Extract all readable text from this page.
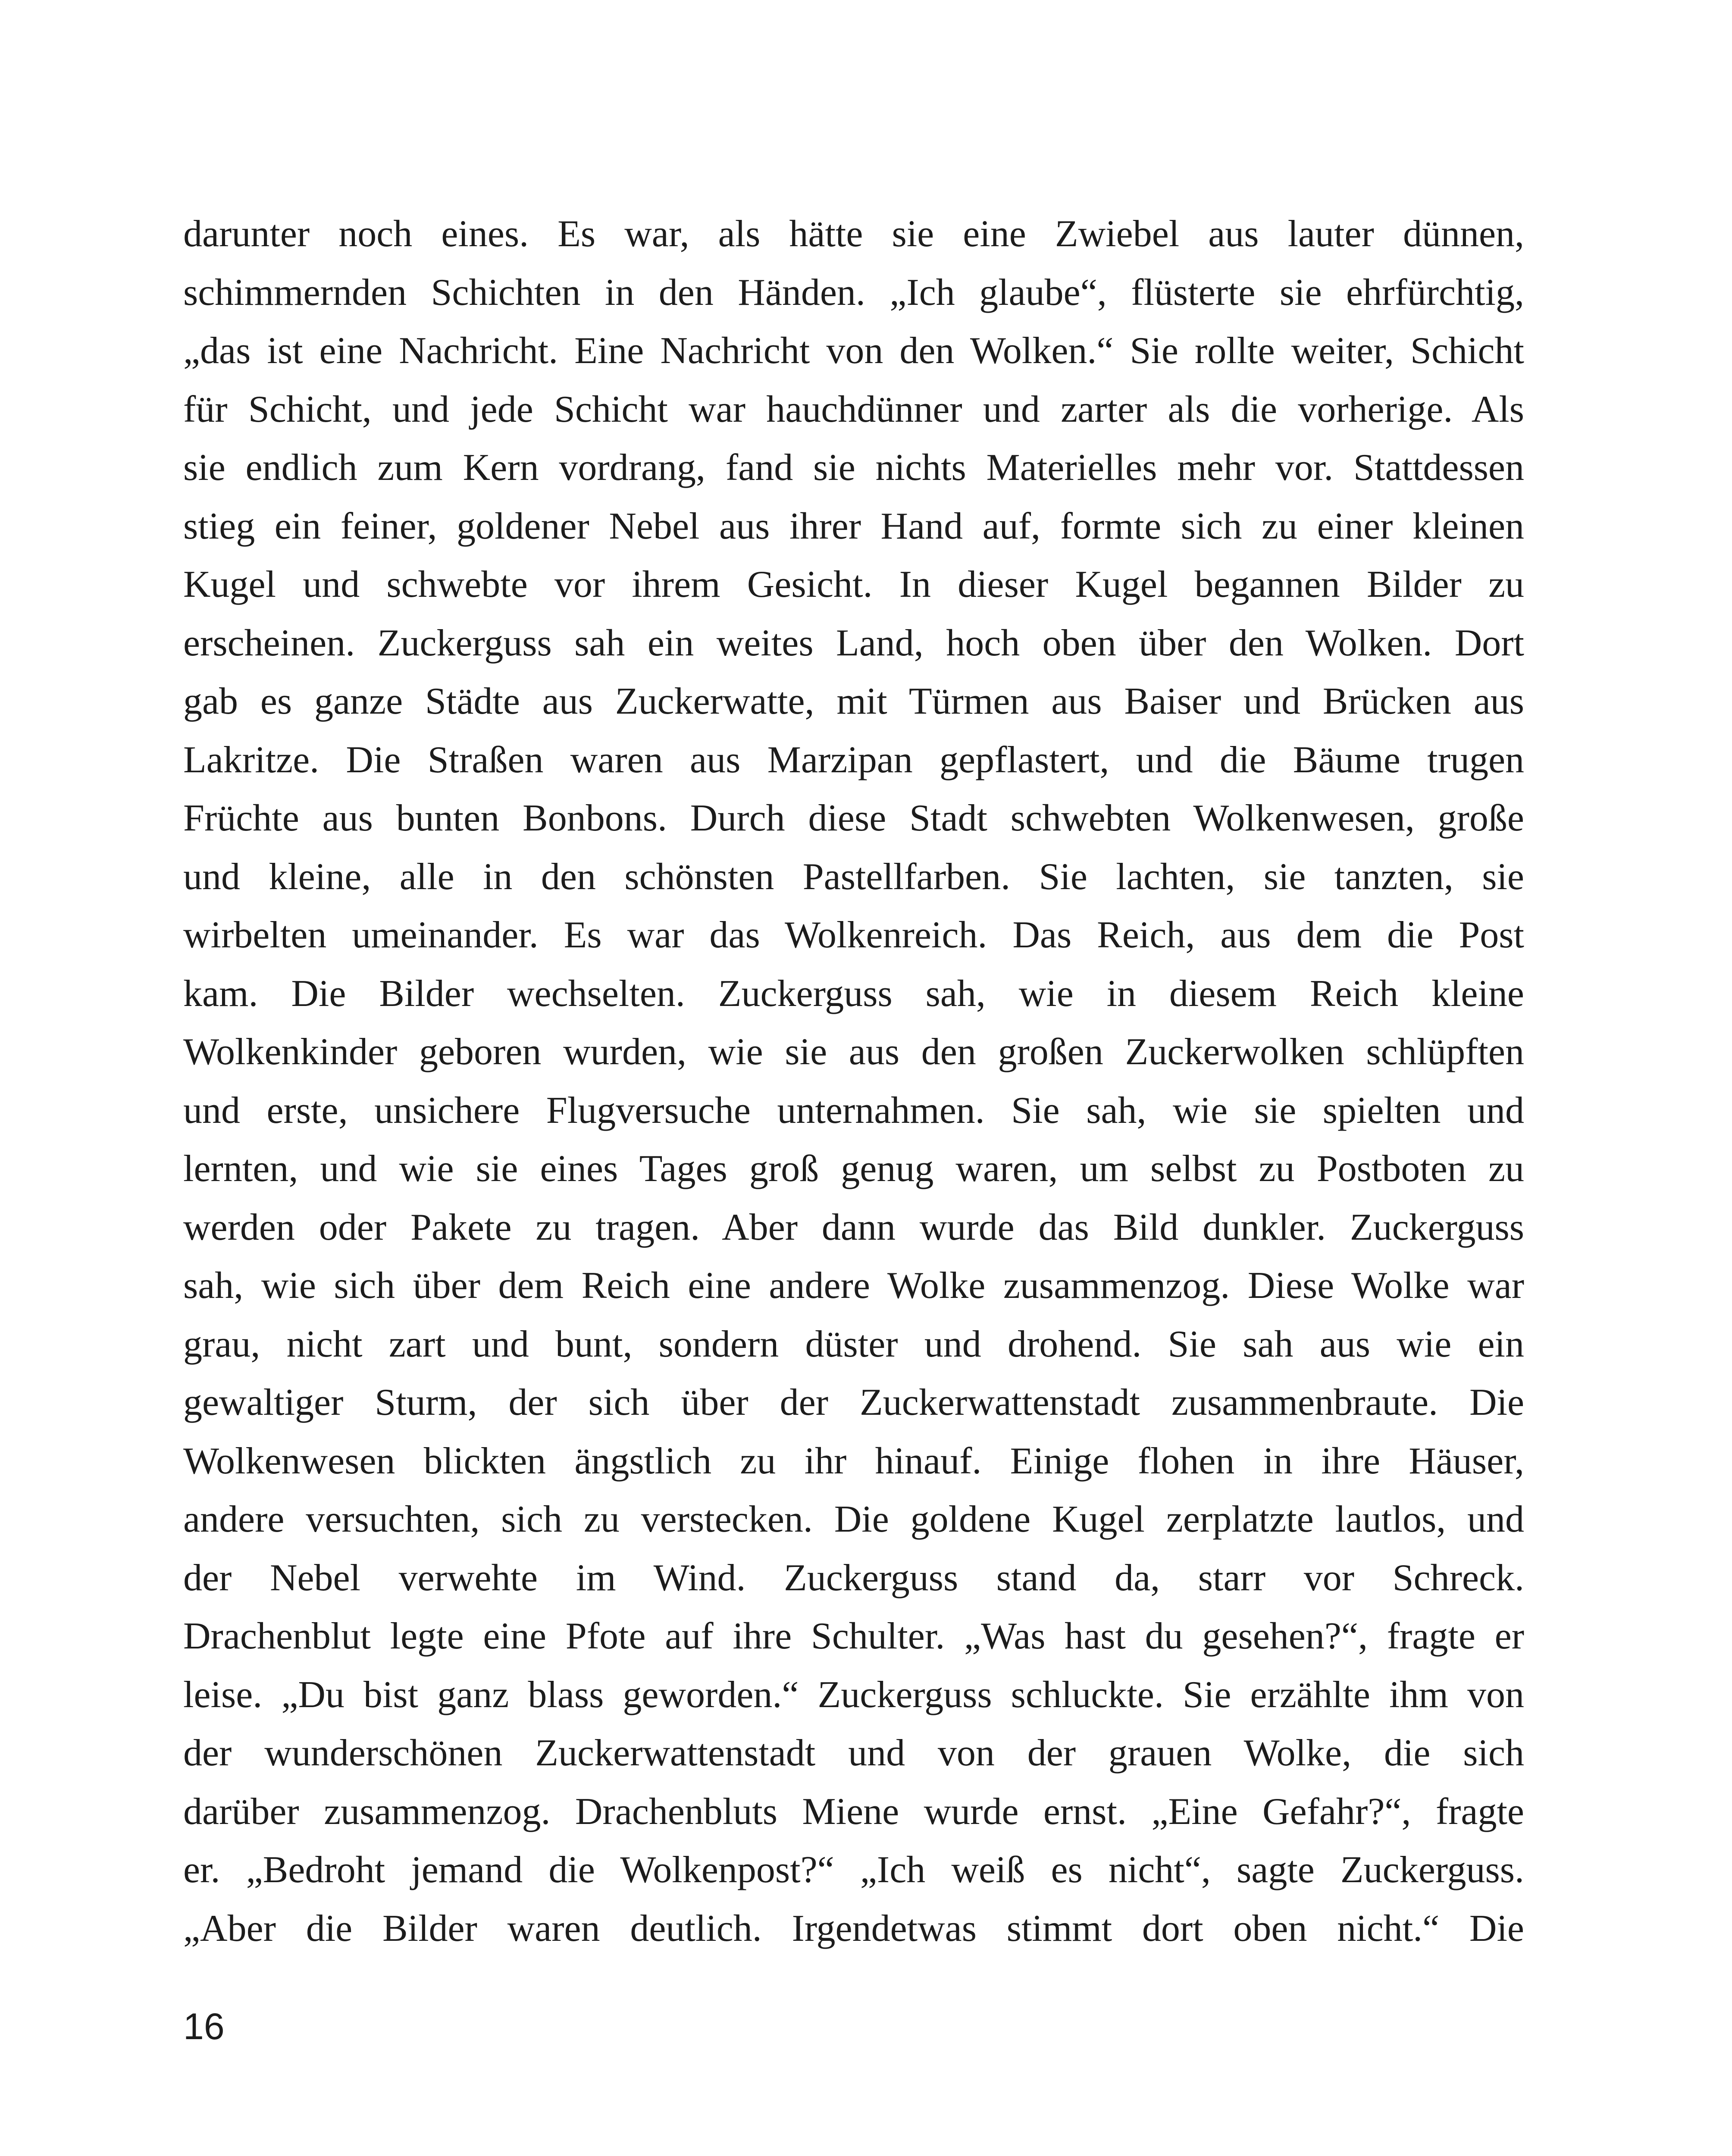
darunter noch eines. Es war, als hätte sie eine Zwiebel aus lauter dünnen,
schimmernden Schichten in den Händen. „Ich glaube“, flüsterte sie ehrfürchtig,
„das ist eine Nachricht. Eine Nachricht von den Wolken.“ Sie rollte weiter, Schicht
für Schicht, und jede Schicht war hauchdünner und zarter als die vorherige. Als
sie endlich zum Kern vordrang, fand sie nichts Materielles mehr vor. Stattdessen
stieg ein feiner, goldener Nebel aus ihrer Hand auf, formte sich zu einer kleinen
Kugel und schwebte vor ihrem Gesicht. In dieser Kugel begannen Bilder zu
erscheinen. Zuckerguss sah ein weites Land, hoch oben über den Wolken. Dort
gab es ganze Städte aus Zuckerwatte, mit Türmen aus Baiser und Brücken aus
Lakritze. Die Straßen waren aus Marzipan gepflastert, und die Bäume trugen
Früchte aus bunten Bonbons. Durch diese Stadt schwebten Wolkenwesen, große
und kleine, alle in den schönsten Pastellfarben. Sie lachten, sie tanzten, sie
wirbelten umeinander. Es war das Wolkenreich. Das Reich, aus dem die Post
kam. Die Bilder wechselten. Zuckerguss sah, wie in diesem Reich kleine
Wolkenkinder geboren wurden, wie sie aus den großen Zuckerwolken schlüpften
und erste, unsichere Flugversuche unternahmen. Sie sah, wie sie spielten und
lernten, und wie sie eines Tages groß genug waren, um selbst zu Postboten zu
werden oder Pakete zu tragen. Aber dann wurde das Bild dunkler. Zuckerguss
sah, wie sich über dem Reich eine andere Wolke zusammenzog. Diese Wolke war
grau, nicht zart und bunt, sondern düster und drohend. Sie sah aus wie ein
gewaltiger Sturm, der sich über der Zuckerwattenstadt zusammenbraute. Die
Wolkenwesen blickten ängstlich zu ihr hinauf. Einige flohen in ihre Häuser,
andere versuchten, sich zu verstecken. Die goldene Kugel zerplatzte lautlos, und
der Nebel verwehte im Wind. Zuckerguss stand da, starr vor Schreck.
Drachenblut legte eine Pfote auf ihre Schulter. „Was hast du gesehen?“, fragte er
leise. „Du bist ganz blass geworden.“ Zuckerguss schluckte. Sie erzählte ihm von
der wunderschönen Zuckerwattenstadt und von der grauen Wolke, die sich
darüber zusammenzog. Drachenbluts Miene wurde ernst. „Eine Gefahr?“, fragte
er. „Bedroht jemand die Wolkenpost?“ „Ich weiß es nicht“, sagte Zuckerguss.
„Aber die Bilder waren deutlich. Irgendetwas stimmt dort oben nicht.“ Die
16
